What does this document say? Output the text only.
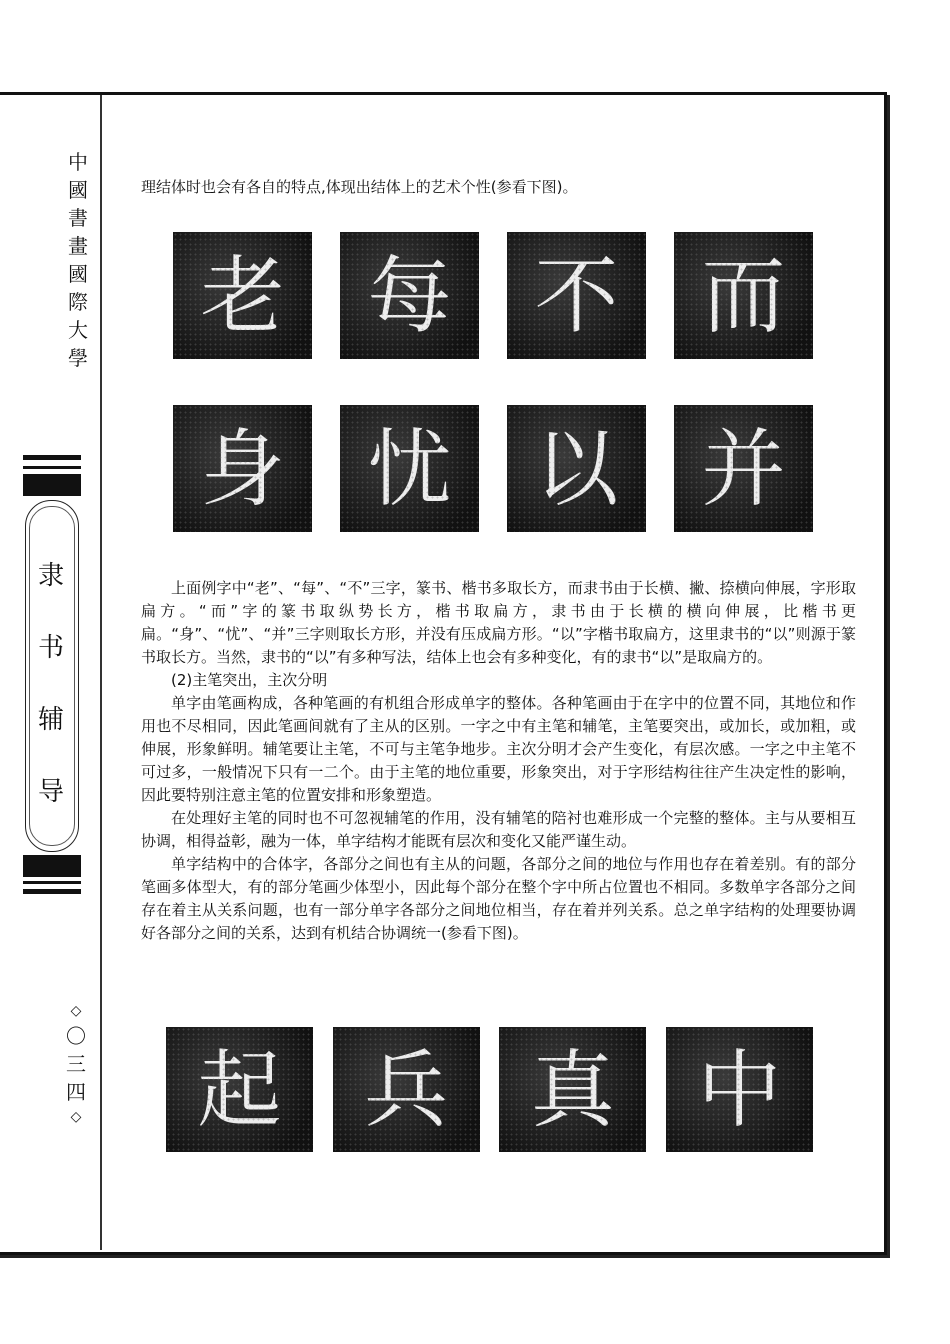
中
國
書
畫
國
際
大
學
隶
书
辅
导
◇
〇
三
四
◇
理结体时也会有各自的特点,体现出结体上的艺术个性(参看下图)。
老 每 不 而
身 忧 以 并

上面例字中“老”、“每”、“不”三字，篆书、楷书多取长方，而隶书由于长横、撇、捺横向伸展，字形取扁方。“而”字的篆书取纵势长方，楷书取扁方，隶书由于长横的横向伸展，比楷书更扁。“身”、“忧”、“并”三字则取长方形，并没有压成扁方形。“以”字楷书取扁方，这里隶书的“以”则源于篆书取长方。当然，隶书的“以”有多种写法，结体上也会有多种变化，有的隶书“以”是取扁方的。

(2)主笔突出，主次分明

单字由笔画构成，各种笔画的有机组合形成单字的整体。各种笔画由于在字中的位置不同，其地位和作用也不尽相同，因此笔画间就有了主从的区别。一字之中有主笔和辅笔，主笔要突出，或加长，或加粗，或伸展，形象鲜明。辅笔要让主笔，不可与主笔争地步。主次分明才会产生变化，有层次感。一字之中主笔不可过多，一般情况下只有一二个。由于主笔的地位重要，形象突出，对于字形结构往往产生决定性的影响，因此要特别注意主笔的位置安排和形象塑造。

在处理好主笔的同时也不可忽视辅笔的作用，没有辅笔的陪衬也难形成一个完整的整体。主与从要相互协调，相得益彰，融为一体，单字结构才能既有层次和变化又能严谨生动。

单字结构中的合体字，各部分之间也有主从的问题，各部分之间的地位与作用也存在着差别。有的部分笔画多体型大，有的部分笔画少体型小，因此每个部分在整个字中所占位置也不相同。多数单字各部分之间存在着主从关系问题，也有一部分单字各部分之间地位相当，存在着并列关系。总之单字结构的处理要协调好各部分之间的关系，达到有机结合协调统一(参看下图)。

起 兵 真 中
